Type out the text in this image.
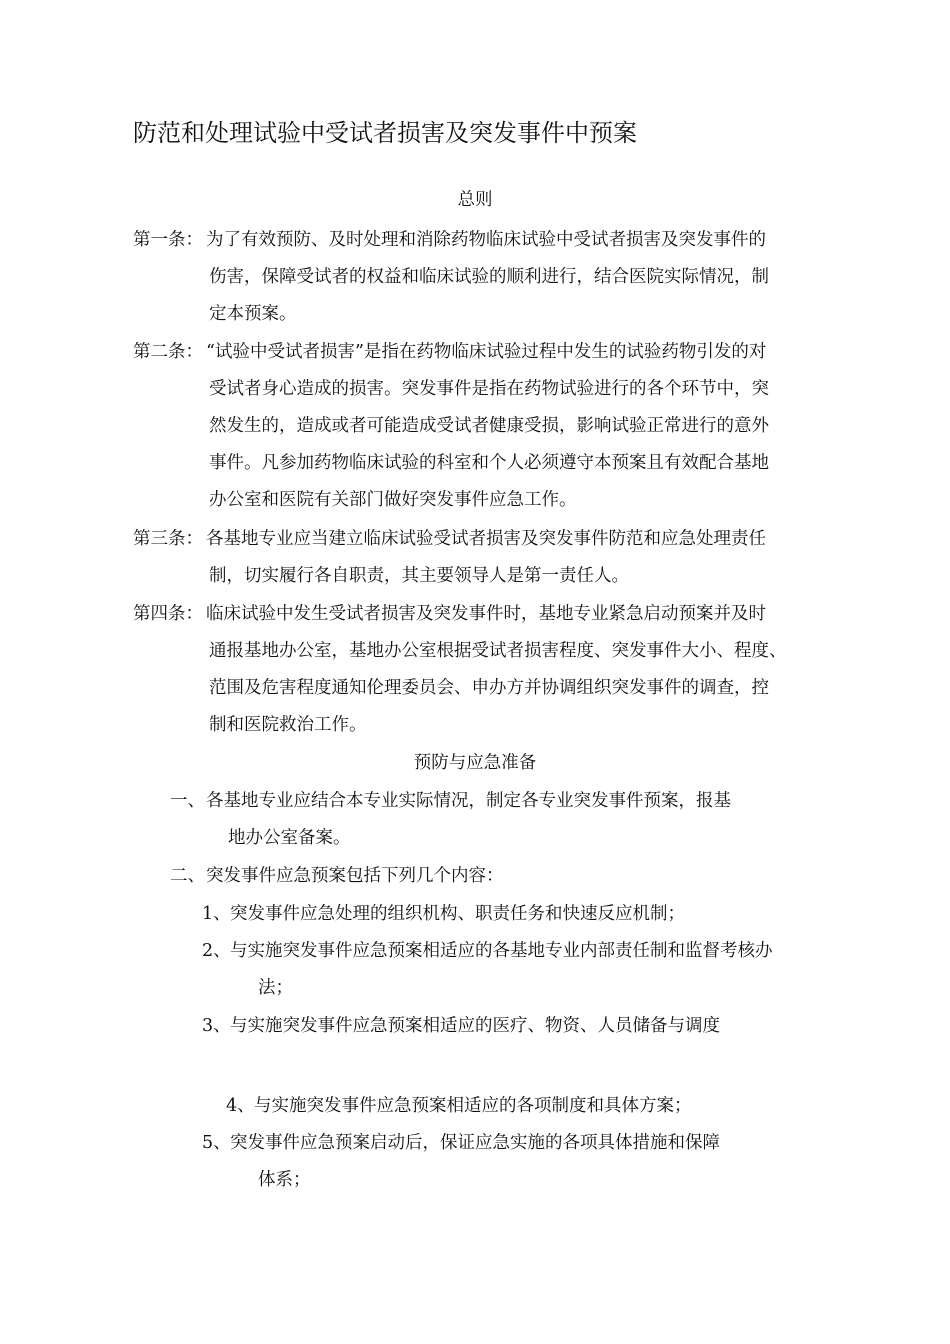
防范和处理试验中受试者损害及突发事件中预案

总则

第一条： 为了有效预防、及时处理和消除药物临床试验中受试者损害及突发事件的

伤害，保障受试者的权益和临床试验的顺利进行，结合医院实际情况，制

定本预案。

第二条： “试验中受试者损害”是指在药物临床试验过程中发生的试验药物引发的对

受试者身心造成的损害。突发事件是指在药物试验进行的各个环节中，突

然发生的，造成或者可能造成受试者健康受损，影响试验正常进行的意外

事件。凡参加药物临床试验的科室和个人必须遵守本预案且有效配合基地

办公室和医院有关部门做好突发事件应急工作。

第三条： 各基地专业应当建立临床试验受试者损害及突发事件防范和应急处理责任

制，切实履行各自职责，其主要领导人是第一责任人。

第四条： 临床试验中发生受试者损害及突发事件时，基地专业紧急启动预案并及时

通报基地办公室，基地办公室根据受试者损害程度、突发事件大小、程度、

范围及危害程度通知伦理委员会、申办方并协调组织突发事件的调查，控

制和医院救治工作。

预防与应急准备

一、 各基地专业应结合本专业实际情况，制定各专业突发事件预案，报基

地办公室备案。

二、 突发事件应急预案包括下列几个内容：

1、 突发事件应急处理的组织机构、职责任务和快速反应机制；

2、 与实施突发事件应急预案相适应的各基地专业内部责任制和监督考核办

法；

3、 与实施突发事件应急预案相适应的医疗、物资、人员储备与调度

4、 与实施突发事件应急预案相适应的各项制度和具体方案；

5、 突发事件应急预案启动后，保证应急实施的各项具体措施和保障

体系；
